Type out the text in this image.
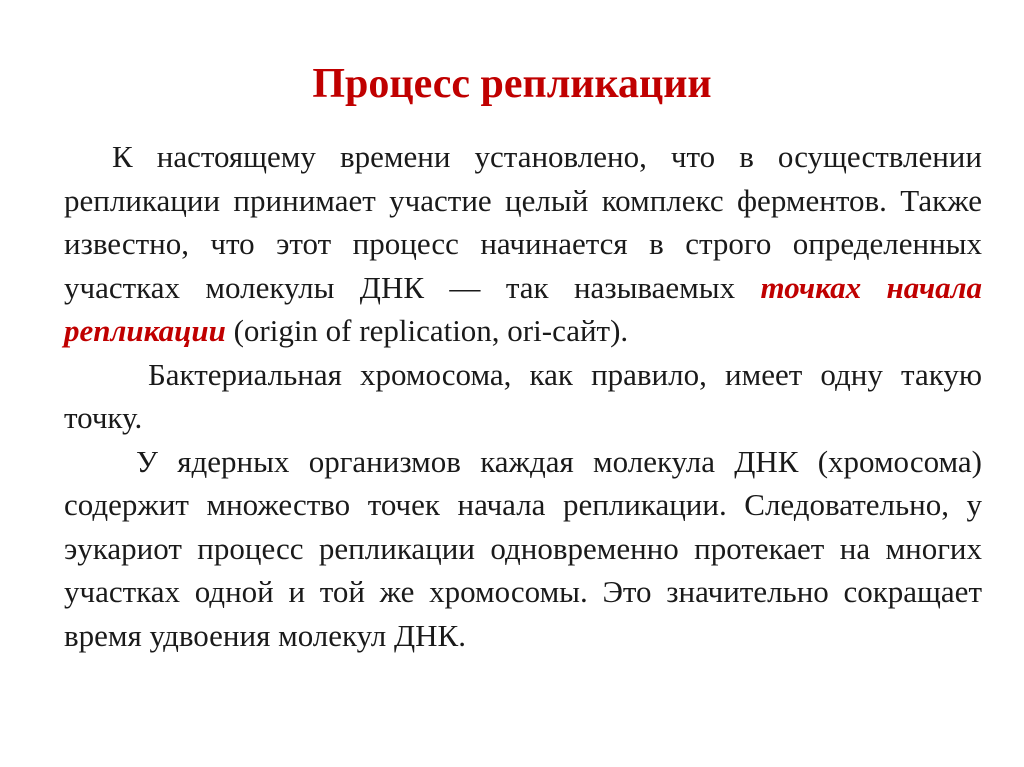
Процесс репликации

К настоящему времени установлено, что в осуществлении репликации принимает участие целый комплекс ферментов. Также известно, что этот процесс начинается в строго определенных участках молекулы ДНК — так называемых точках начала репликации (origin of replication, ori-сайт).

Бактериальная хромосома, как правило, имеет одну такую точку.

У ядерных организмов каждая молекула ДНК (хромосома) содержит множество точек начала репликации. Следовательно, у эукариот процесс репликации одновременно протекает на многих участках одной и той же хромосомы. Это значительно сокращает время удвоения молекул ДНК.
